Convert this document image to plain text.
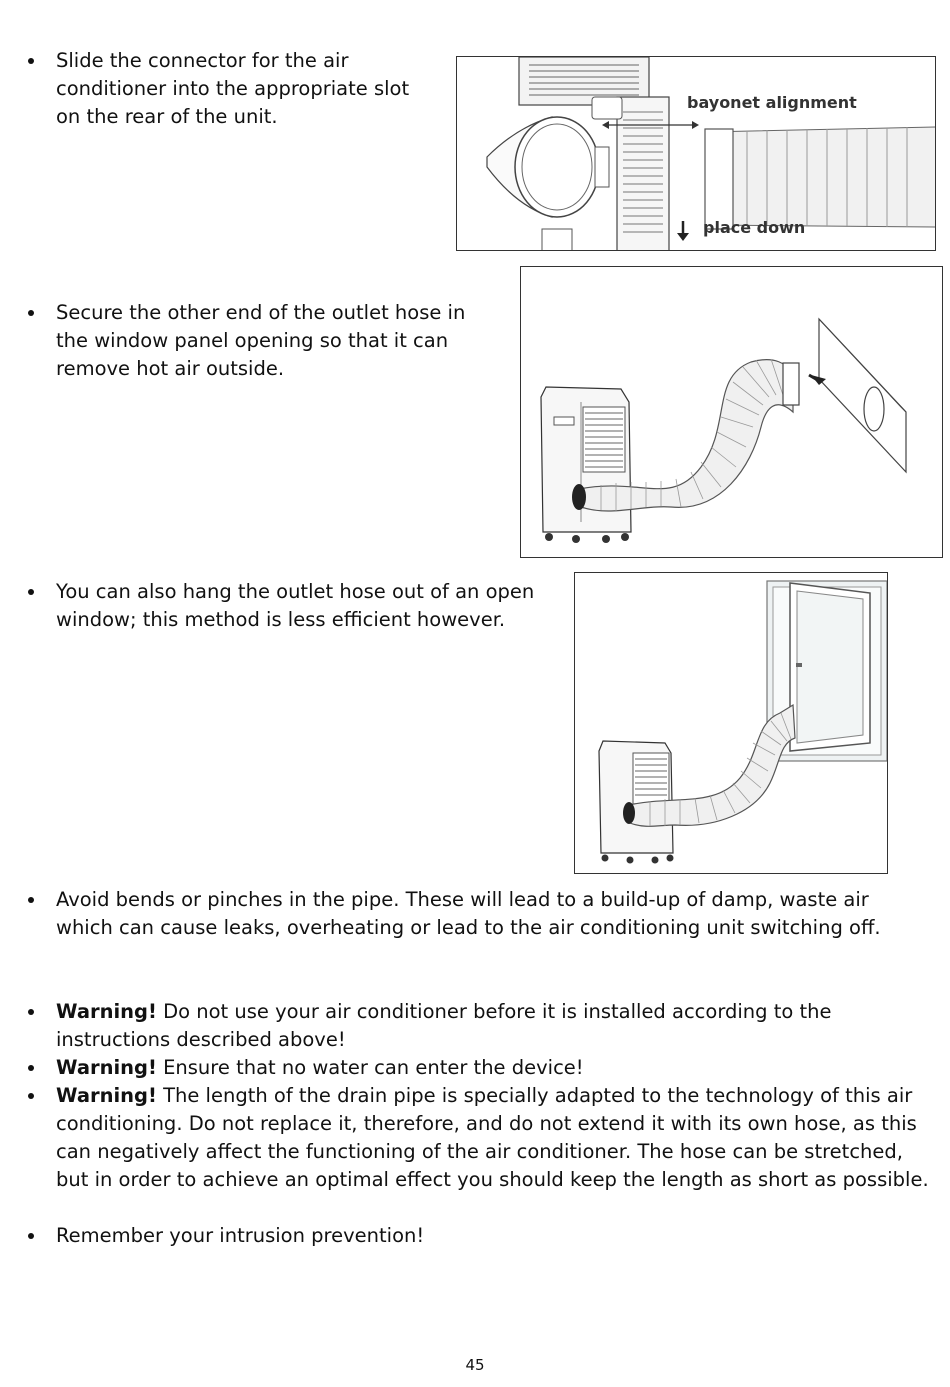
Slide the connector for the air conditioner into the appropriate slot on the rear of the unit.
bayonet alignment
place down
Secure the other end of the outlet hose in the window panel opening so that it can remove hot air outside.
You can also hang the outlet hose out of an open window; this method is less efficient however.
Avoid bends or pinches in the pipe. These will lead to a build-up of damp, waste air which can cause leaks, overheating or lead to the air conditioning unit switching off.
Warning! Do not use your air conditioner before it is installed according to the instructions described above!
Warning! Ensure that no water can enter the device!
Warning! The length of the drain pipe is specially adapted to the technology of this air conditioning. Do not replace it, therefore, and do not extend it with its own hose, as this can negatively affect the functioning of the air conditioner. The hose can be stretched, but in order to achieve an optimal effect you should keep the length as short as possible.
Remember your intrusion prevention!
45
